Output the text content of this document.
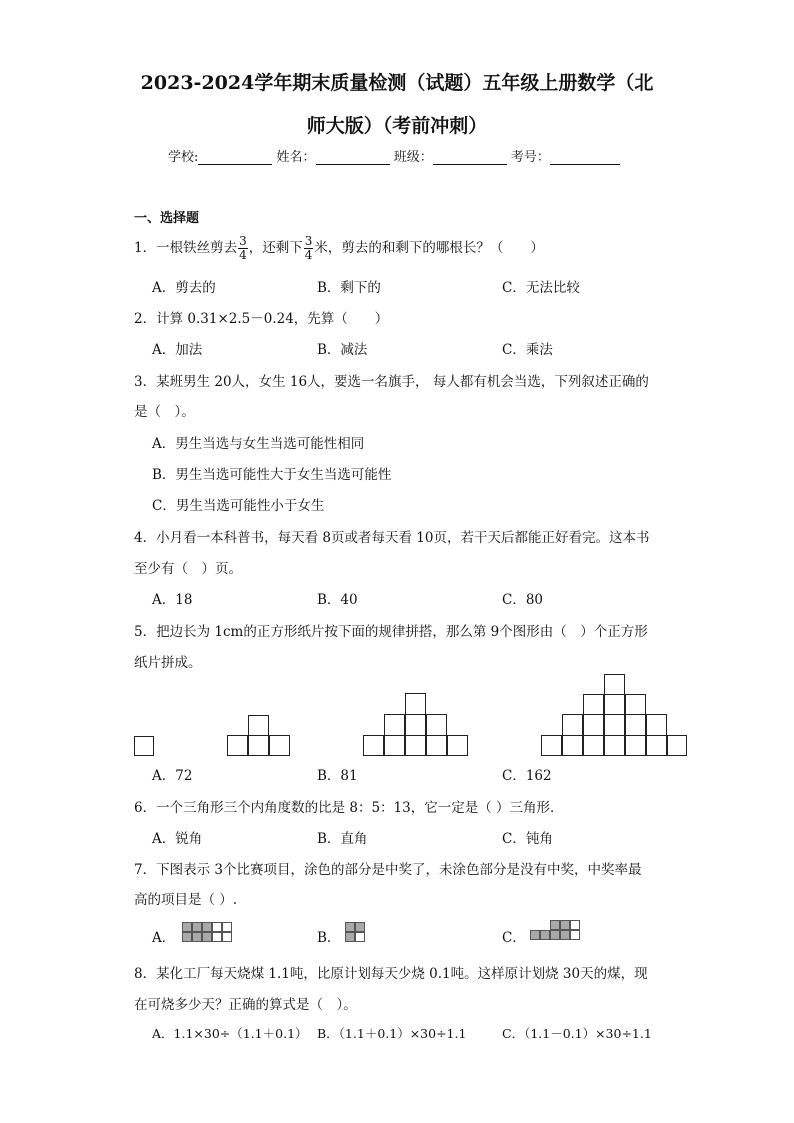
2023-2024学年期末质量检测（试题）五年级上册数学（北
师大版）（考前冲刺）
学校:	姓名：	班级：	考号：
一、选择题
1．一根铁丝剪去 $\frac{3}{4}$ ，还剩下 $\frac{3}{4}$ 米，剪去的和剩下的哪根长？（　　）
A．剪去的	B．剩下的	C．无法比较
2．计算 0.31×2.5－0.24，先算（　　）
A．加法	B．减法	C．乘法
3．某班男生 20人，女生 16人，要选一名旗手， 每人都有机会当选，下列叙述正确的
是（　）。
A．男生当选与女生当选可能性相同
B．男生当选可能性大于女生当选可能性
C．男生当选可能性小于女生
4．小月看一本科普书，每天看 8页或者每天看 10页，若干天后都能正好看完。这本书
至少有（　）页。
A．18	B．40	C．80
5．把边长为 1cm的正方形纸片按下面的规律拼搭，那么第 9个图形由（　）个正方形
纸片拼成。
A．72	B．81	C．162
6．一个三角形三个内角度数的比是 8：5：13，它一定是（ ）三角形．
A．锐角	B．直角	C．钝角
7．下图表示 3个比赛项目，涂色的部分是中奖了，未涂色部分是没有中奖，中奖率最
高的项目是（ ）.
A．	B．	C．
8．某化工厂每天烧煤 1.1吨，比原计划每天少烧 0.1吨。这样原计划烧 30天的煤，现
在可烧多少天？正确的算式是（　）。
A．1.1×30÷（1.1＋0.1） B．（1.1＋0.1）×30÷1.1	C．（1.1－0.1）×30÷1.1
